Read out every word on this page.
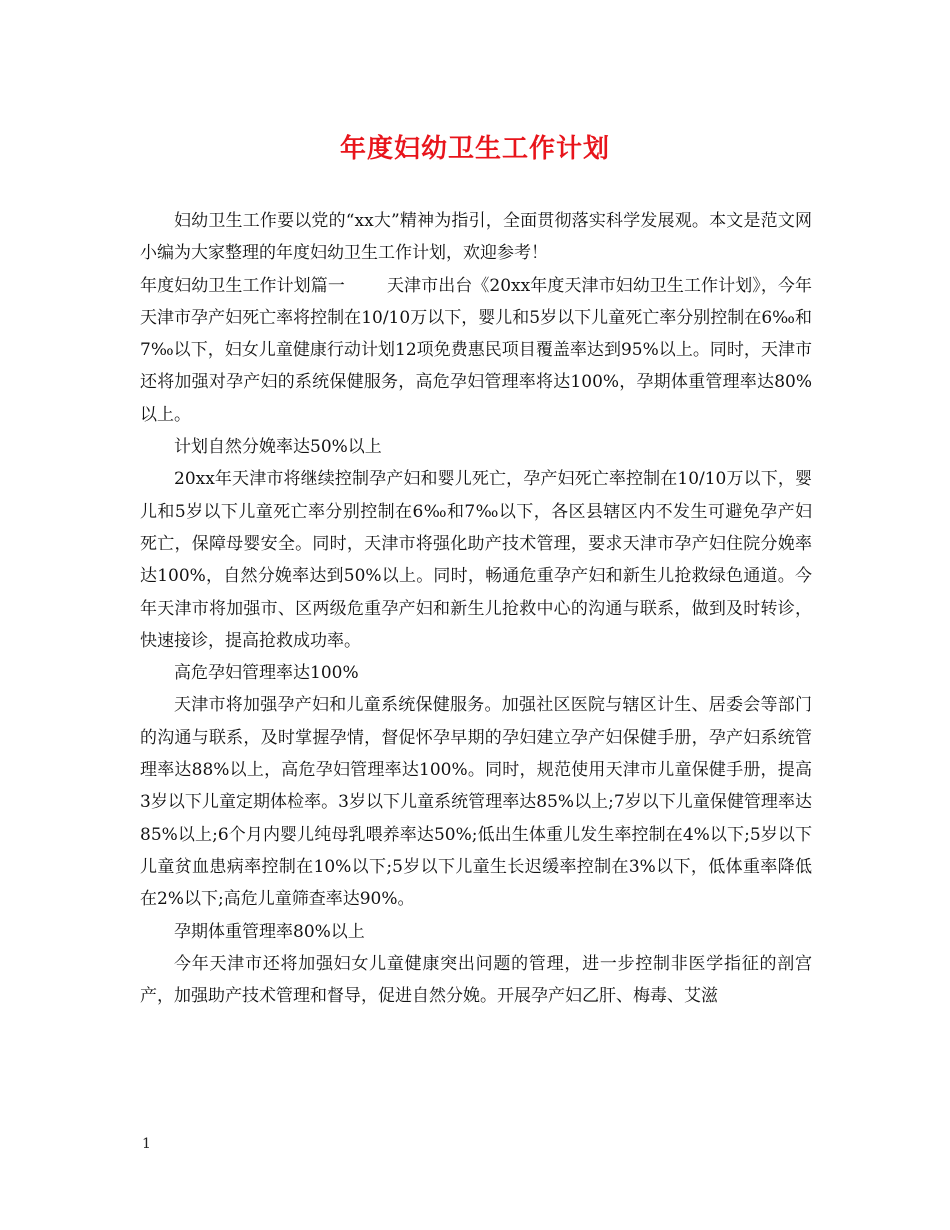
年度妇幼卫生工作计划

妇幼卫生工作要以党的“xx大”精神为指引，全面贯彻落实科学发展观。本文是范文网小编为大家整理的年度妇幼卫生工作计划，欢迎参考！

年度妇幼卫生工作计划篇一 天津市出台《20xx年度天津市妇幼卫生工作计划》，今年天津市孕产妇死亡率将控制在10/10万以下，婴儿和5岁以下儿童死亡率分别控制在6‰和7‰以下，妇女儿童健康行动计划12项免费惠民项目覆盖率达到95%以上。同时，天津市还将加强对孕产妇的系统保健服务，高危孕妇管理率将达100%，孕期体重管理率达80%以上。

计划自然分娩率达50%以上

20xx年天津市将继续控制孕产妇和婴儿死亡，孕产妇死亡率控制在10/10万以下，婴儿和5岁以下儿童死亡率分别控制在6‰和7‰以下，各区县辖区内不发生可避免孕产妇死亡，保障母婴安全。同时，天津市将强化助产技术管理，要求天津市孕产妇住院分娩率达100%，自然分娩率达到50%以上。同时，畅通危重孕产妇和新生儿抢救绿色通道。今年天津市将加强市、区两级危重孕产妇和新生儿抢救中心的沟通与联系，做到及时转诊，快速接诊，提高抢救成功率。

高危孕妇管理率达100%

天津市将加强孕产妇和儿童系统保健服务。加强社区医院与辖区计生、居委会等部门的沟通与联系，及时掌握孕情，督促怀孕早期的孕妇建立孕产妇保健手册，孕产妇系统管理率达88%以上，高危孕妇管理率达100%。同时，规范使用天津市儿童保健手册，提高3岁以下儿童定期体检率。3岁以下儿童系统管理率达85%以上;7岁以下儿童保健管理率达85%以上;6个月内婴儿纯母乳喂养率达50%;低出生体重儿发生率控制在4%以下;5岁以下儿童贫血患病率控制在10%以下;5岁以下儿童生长迟缓率控制在3%以下，低体重率降低在2%以下;高危儿童筛查率达90%。

孕期体重管理率80%以上

今年天津市还将加强妇女儿童健康突出问题的管理，进一步控制非医学指征的剖宫产，加强助产技术管理和督导，促进自然分娩。开展孕产妇乙肝、梅毒、艾滋

1
